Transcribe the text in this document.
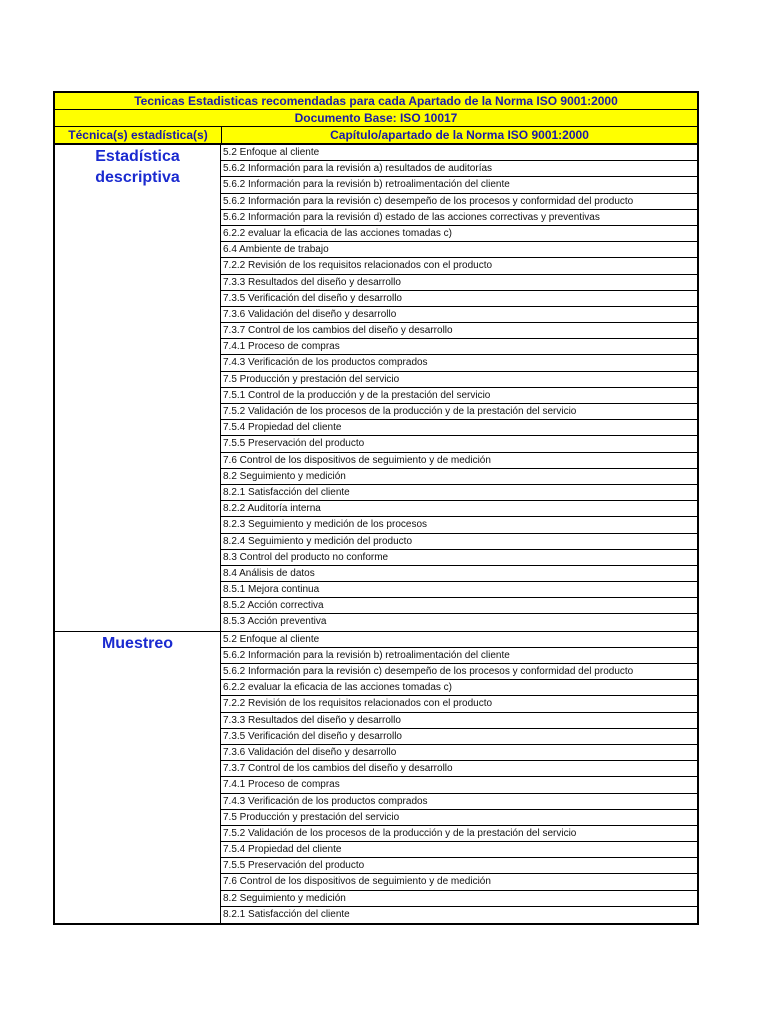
Tecnicas Estadisticas recomendadas para cada Apartado de la Norma ISO 9001:2000
Documento Base: ISO 10017
Técnica(s) estadística(s)	Capítulo/apartado de la Norma ISO 9001:2000
Estadística descriptiva
5.2 Enfoque al cliente
5.6.2 Información para la revisión a) resultados de auditorías
5.6.2 Información para la revisión b) retroalimentación del cliente
5.6.2 Información para la revisión c) desempeño de los procesos y conformidad del producto
5.6.2 Información para la revisión d) estado de las acciones correctivas y preventivas
6.2.2 evaluar la eficacia de las acciones tomadas c)
6.4 Ambiente de trabajo
7.2.2 Revisión de los requisitos relacionados con el producto
7.3.3 Resultados del diseño y desarrollo
7.3.5 Verificación del diseño y desarrollo
7.3.6 Validación del diseño y desarrollo
7.3.7 Control de los cambios del diseño y desarrollo
7.4.1 Proceso de compras
7.4.3 Verificación de los productos comprados
7.5 Producción y prestación del servicio
7.5.1 Control de la producción y de la prestación del servicio
7.5.2 Validación de los procesos de la producción y de la prestación del servicio
7.5.4 Propiedad del cliente
7.5.5 Preservación del producto
7.6 Control de los dispositivos de seguimiento y de medición
8.2 Seguimiento y medición
8.2.1 Satisfacción del cliente
8.2.2 Auditoría interna
8.2.3 Seguimiento y medición de los procesos
8.2.4 Seguimiento y medición del producto
8.3 Control del producto no conforme
8.4 Análisis de datos
8.5.1 Mejora continua
8.5.2 Acción correctiva
8.5.3 Acción preventiva
Muestreo	5.2 Enfoque al cliente
5.6.2 Información para la revisión b) retroalimentación del cliente
5.6.2 Información para la revisión c) desempeño de los procesos y conformidad del producto
6.2.2 evaluar la eficacia de las acciones tomadas c)
7.2.2 Revisión de los requisitos relacionados con el producto
7.3.3 Resultados del diseño y desarrollo
7.3.5 Verificación del diseño y desarrollo
7.3.6 Validación del diseño y desarrollo
7.3.7 Control de los cambios del diseño y desarrollo
7.4.1 Proceso de compras
7.4.3 Verificación de los productos comprados
7.5 Producción y prestación del servicio
7.5.2 Validación de los procesos de la producción y de la prestación del servicio
7.5.4 Propiedad del cliente
7.5.5 Preservación del producto
7.6 Control de los dispositivos de seguimiento y de medición
8.2 Seguimiento y medición
8.2.1 Satisfacción del cliente
